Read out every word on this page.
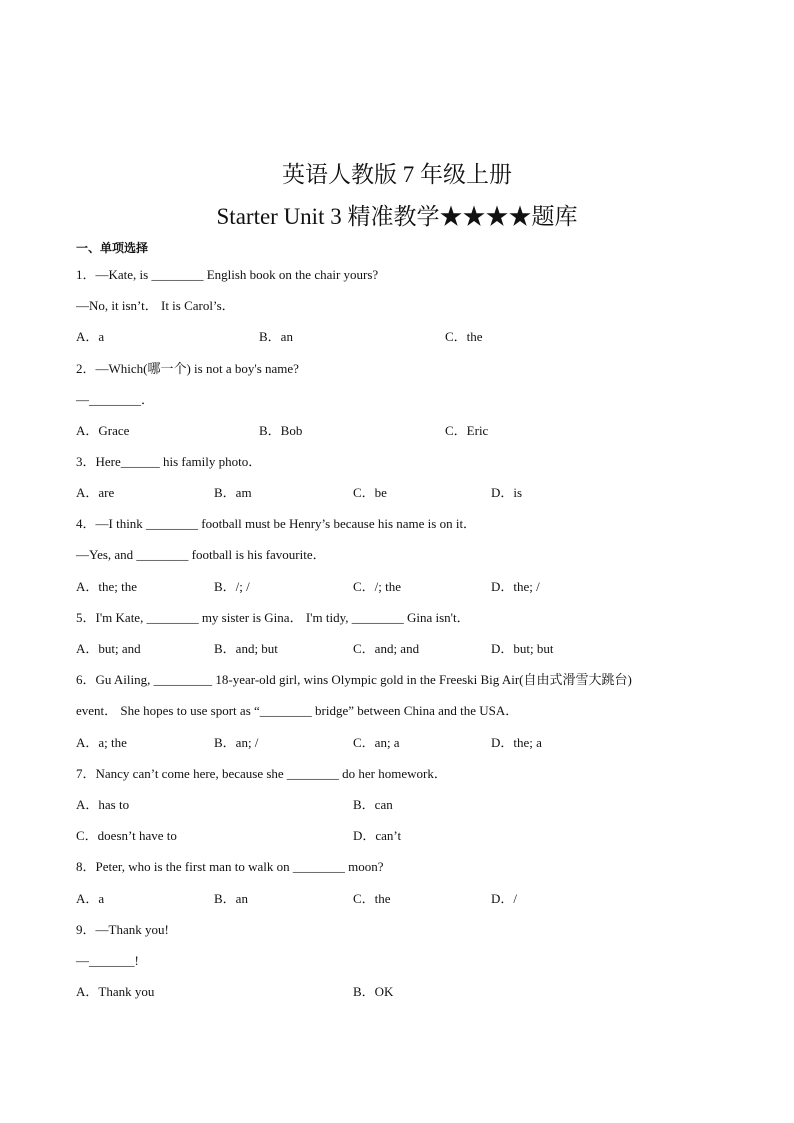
英语人教版 7 年级上册
Starter Unit 3 精准教学★★★★题库
一、单项选择
1．—Kate, is ________ English book on the chair yours?
—No, it isn’t． It is Carol’s．
A．a	B．an	C．the
2．—Which(哪一个) is not a boy's name?
—________．
A．Grace	B．Bob	C．Eric
3．Here______ his family photo．
A．are	B．am	C．be	D．is
4．—I think ________ football must be Henry’s because his name is on it．
—Yes, and ________ football is his favourite．
A．the; the	B．/; /	C．/; the	D．the; /
5．I'm Kate, ________ my sister is Gina． I'm tidy, ________ Gina isn't．
A．but; and	B．and; but	C．and; and	D．but; but
6．Gu Ailing, _________ 18-year-old girl, wins Olympic gold in the Freeski Big Air(自由式滑雪大跳台)
event． She hopes to use sport as “________ bridge” between China and the USA．
A．a; the	B．an; /	C．an; a	D．the; a
7．Nancy can’t come here, because she ________ do her homework．
A．has to	B．can
C．doesn’t have to	D．can’t
8．Peter, who is the first man to walk on ________ moon?
A．a	B．an	C．the	D．/
9．—Thank you!
—_______!
A．Thank you	B．OK
